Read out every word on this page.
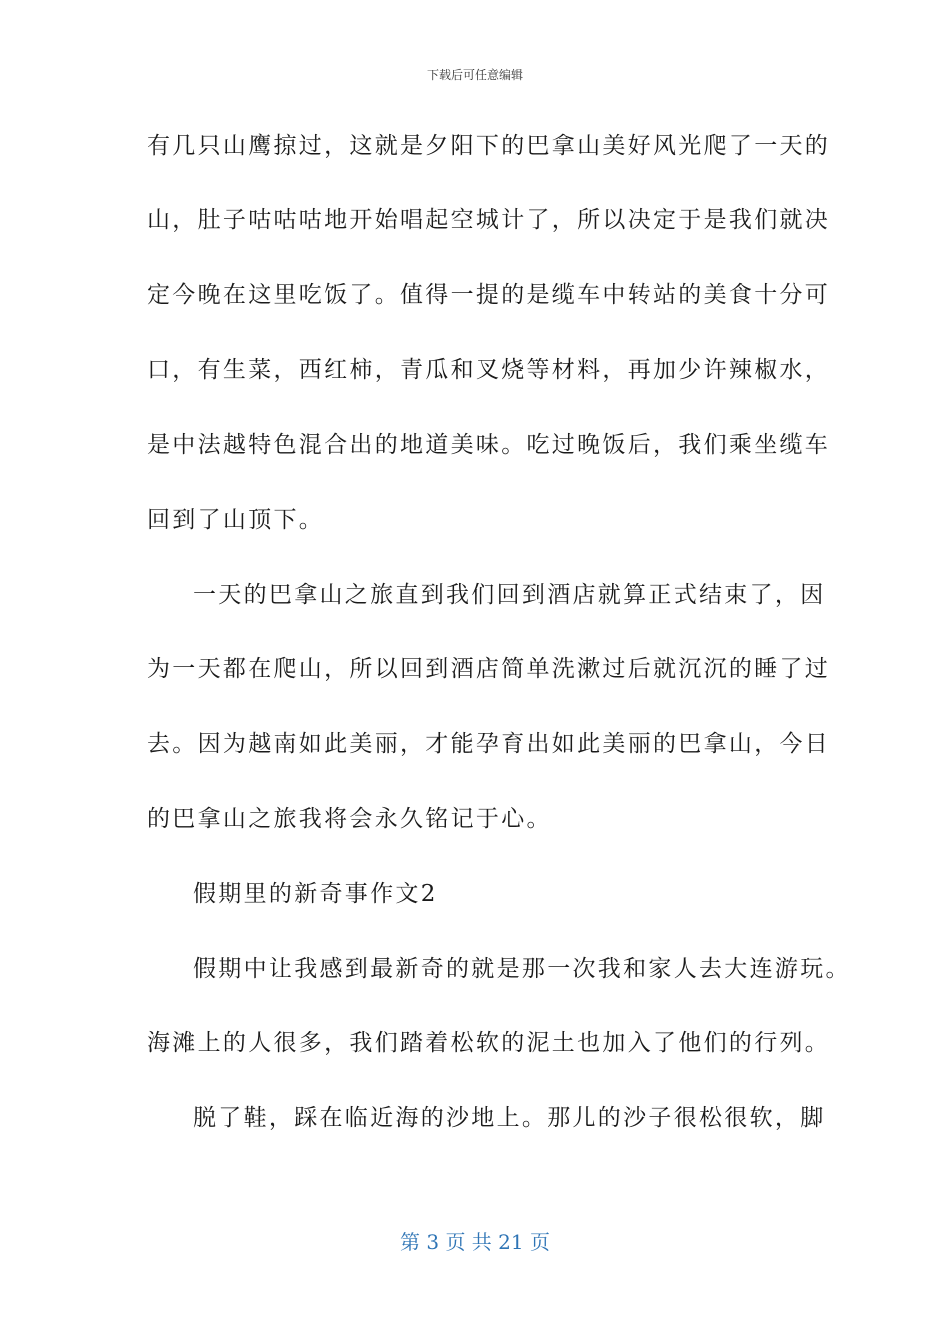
下载后可任意编辑
有几只山鹰掠过，这就是夕阳下的巴拿山美好风光爬了一天的
山，肚子咕咕咕地开始唱起空城计了，所以决定于是我们就决
定今晚在这里吃饭了。值得一提的是缆车中转站的美食十分可
口，有生菜，西红柿，青瓜和叉烧等材料，再加少许辣椒水，
是中法越特色混合出的地道美味。吃过晚饭后，我们乘坐缆车
回到了山顶下。
一天的巴拿山之旅直到我们回到酒店就算正式结束了，因
为一天都在爬山，所以回到酒店简单洗漱过后就沉沉的睡了过
去。因为越南如此美丽，才能孕育出如此美丽的巴拿山，今日
的巴拿山之旅我将会永久铭记于心。
假期里的新奇事作文2
假期中让我感到最新奇的就是那一次我和家人去大连游玩。
海滩上的人很多，我们踏着松软的泥土也加入了他们的行列。
脱了鞋，踩在临近海的沙地上。那儿的沙子很松很软，脚
第 3 页 共 21 页
